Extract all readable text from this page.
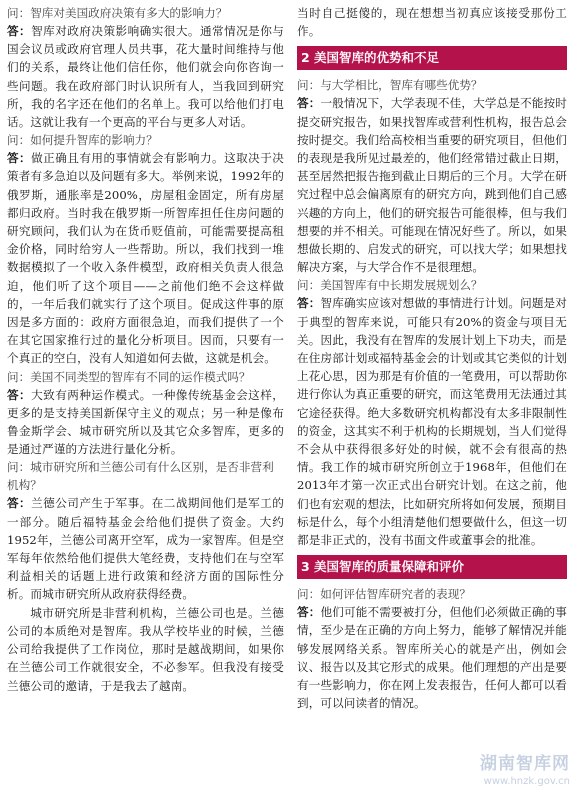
问：智库对美国政府决策有多大的影响力？

答：智库对政府决策影响确实很大。通常情况是你与国会议员或政府官理人员共事，花大量时间维持与他们的关系，最终让他们信任你，他们就会向你咨询一些问题。我在政府部门时认识所有人，当我回到研究所，我的名字还在他们的名单上。我可以给他们打电话。这就让我有一个更高的平台与更多人对话。

问：如何提升智库的影响力？

答：做正确且有用的事情就会有影响力。这取决于决策者有多急迫以及问题有多大。举例来说，1992年的俄罗斯，通胀率是200%，房屋租金固定，所有房屋都归政府。当时我在俄罗斯一所智库担任住房问题的研究顾问，我们认为在货币贬值前，可能需要提高租金价格，同时给穷人一些帮助。所以，我们找到一堆数据模拟了一个收入条件模型，政府相关负责人很急迫，他们听了这个项目——之前他们绝不会这样做的，一年后我们就实行了这个项目。促成这件事的原因是多方面的：政府方面很急迫，而我们提供了一个在其它国家推行过的量化分析项目。因而，只要有一个真正的空白，没有人知道如何去做，这就是机会。

问：美国不同类型的智库有不同的运作模式吗？

答：大致有两种运作模式。一种像传统基金会这样，更多的是支持美国新保守主义的观点；另一种是像布鲁金斯学会、城市研究所以及其它众多智库，更多的是通过严谨的方法进行量化分析。

问：城市研究所和兰德公司有什么区别，是否非营利机构？

答：兰德公司产生于军事。在二战期间他们是军工的一部分。随后福特基金会给他们提供了资金。大约1952年，兰德公司离开空军，成为一家智库。但是空军每年依然给他们提供大笔经费，支持他们在与空军利益相关的话题上进行政策和经济方面的国际性分析。而城市研究所从政府获得经费。

城市研究所是非营利机构，兰德公司也是。兰德公司的本质绝对是智库。我从学校毕业的时候，兰德公司给我提供了工作岗位，那时是越战期间，如果你在兰德公司工作就很安全，不必参军。但我没有接受兰德公司的邀请，于是我去了越南。

当时自己挺傻的，现在想想当初真应该接受那份工作。

2 美国智库的优势和不足

问：与大学相比，智库有哪些优势？

答：一般情况下，大学表现不佳，大学总是不能按时提交研究报告，如果找智库或营利性机构，报告总会按时提交。我们给高校相当重要的研究项目，但他们的表现是我所见过最差的，他们经常错过截止日期，甚至居然把报告拖到截止日期后的三个月。大学在研究过程中总会偏离原有的研究方向，跳到他们自己感兴趣的方向上，他们的研究报告可能很棒，但与我们想要的并不相关。可能现在情况好些了。所以，如果想做长期的、启发式的研究，可以找大学；如果想找解决方案，与大学合作不是很理想。

问：美国智库有中长期发展规划么？

答：智库确实应该对想做的事情进行计划。问题是对于典型的智库来说，可能只有20%的资金与项目无关。因此，我没有在智库的发展计划上下功夫，而是在住房部计划或福特基金会的计划或其它类似的计划上花心思，因为那是有价值的一笔费用，可以帮助你进行你认为真正重要的研究，而这笔费用无法通过其它途径获得。绝大多数研究机构都没有太多非限制性的资金，这其实不利于机构的长期规划，当人们觉得不会从中获得很多好处的时候，就不会有很高的热情。我工作的城市研究所创立于1968年，但他们在2013年才第一次正式出台研究计划。在这之前，他们也有宏观的想法，比如研究所将如何发展，预期目标是什么，每个小组清楚他们想要做什么，但这一切都是非正式的，没有书面文件或董事会的批准。

3 美国智库的质量保障和评价

问：如何评估智库研究者的表现？

答：他们可能不需要被打分，但他们必须做正确的事情，至少是在正确的方向上努力，能够了解情况并能够发展网络关系。智库所关心的就是产出，例如会议、报告以及其它形式的成果。他们理想的产出是要有一些影响力，你在网上发表报告，任何人都可以看到，可以问读者的情况。

湖南智库网
www.hnzk.gov.cn
